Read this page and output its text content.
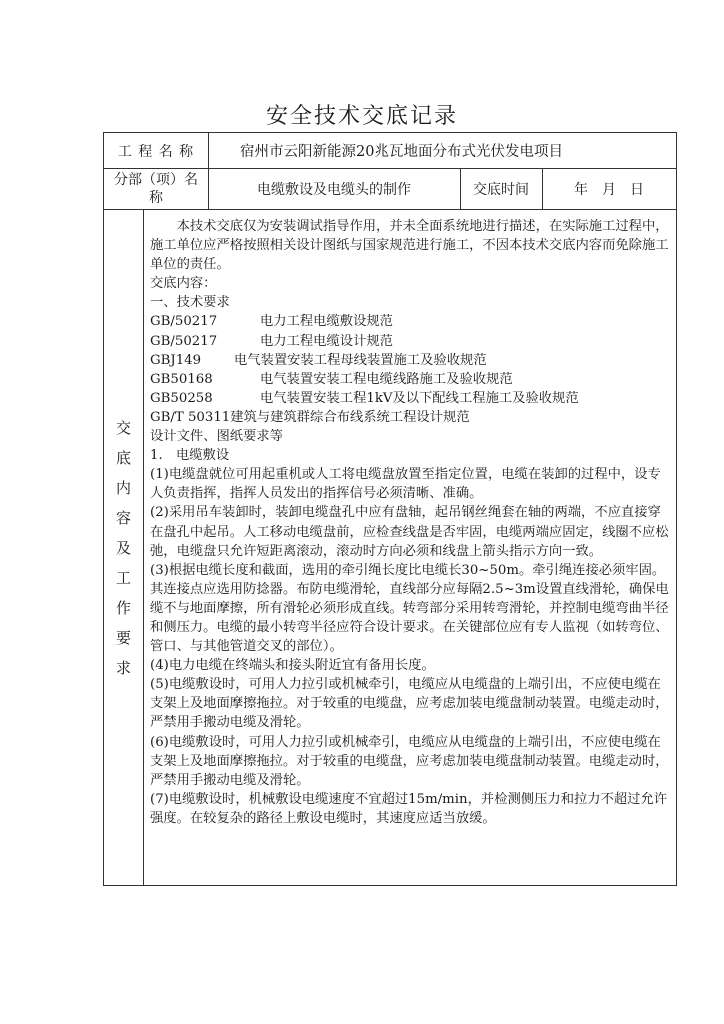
安全技术交底记录
工 程 名 称	宿州市云阳新能源20兆瓦地面分布式光伏发电项目
分部（项）名称	电缆敷设及电缆头的制作	交底时间	年　月　日
交
底
内
容
及
工
作
要
求

本技术交底仅为安装调试指导作用，并未全面系统地进行描述，在实际施工过程中，施工单位应严格按照相关设计图纸与国家规范进行施工，不因本技术交底内容而免除施工单位的责任。

交底内容：

一、技术要求

GB/50217	电力工程电缆敷设规范
GB/50217	电力工程电缆设计规范
GBJ149	电气装置安装工程母线装置施工及验收规范
GB50168	电气装置安装工程电缆线路施工及验收规范
GB50258	电气装置安装工程1kV及以下配线工程施工及验收规范

GB/T 50311建筑与建筑群综合布线系统工程设计规范

设计文件、图纸要求等

1.　电缆敷设

(1)电缆盘就位可用起重机或人工将电缆盘放置至指定位置，电缆在装卸的过程中，设专人负责指挥，指挥人员发出的指挥信号必须清晰、准确。

(2)采用吊车装卸时，装卸电缆盘孔中应有盘轴，起吊钢丝绳套在轴的两端，不应直接穿在盘孔中起吊。人工移动电缆盘前，应检查线盘是否牢固，电缆两端应固定，线圈不应松弛，电缆盘只允许短距离滚动，滚动时方向必须和线盘上箭头指示方向一致。

(3)根据电缆长度和截面，选用的牵引绳长度比电缆长30~50m。牵引绳连接必须牢固。其连接点应选用防捻器。布防电缆滑轮，直线部分应每隔2.5~3m设置直线滑轮，确保电缆不与地面摩擦，所有滑轮必须形成直线。转弯部分采用转弯滑轮，并控制电缆弯曲半径和侧压力。电缆的最小转弯半径应符合设计要求。在关键部位应有专人监视（如转弯位、管口、与其他管道交叉的部位）。

(4)电力电缆在终端头和接头附近宜有备用长度。

(5)电缆敷设时，可用人力拉引或机械牵引，电缆应从电缆盘的上端引出，不应使电缆在支架上及地面摩擦拖拉。对于较重的电缆盘，应考虑加装电缆盘制动装置。电缆走动时，严禁用手搬动电缆及滑轮。

(6)电缆敷设时，可用人力拉引或机械牵引，电缆应从电缆盘的上端引出，不应使电缆在支架上及地面摩擦拖拉。对于较重的电缆盘，应考虑加装电缆盘制动装置。电缆走动时，严禁用手搬动电缆及滑轮。

(7)电缆敷设时，机械敷设电缆速度不宜超过15m/min，并检测侧压力和拉力不超过允许强度。在较复杂的路径上敷设电缆时，其速度应适当放缓。
